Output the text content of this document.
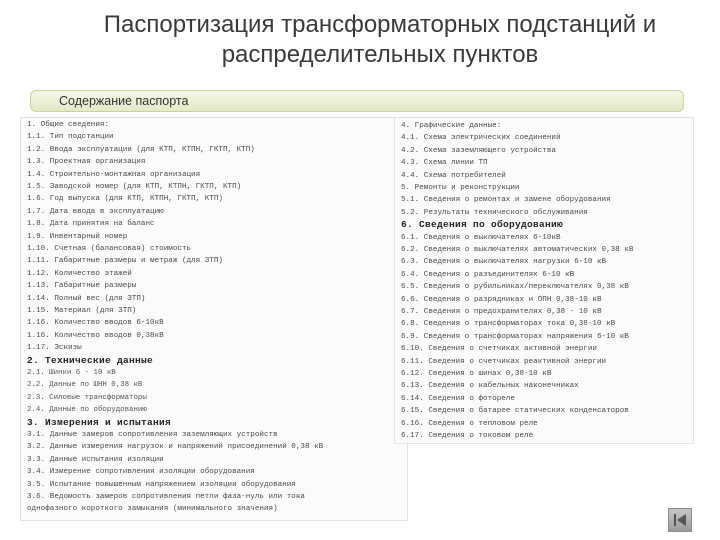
Паспортизация трансформаторных подстанций и
распределительных пунктов
Содержание паспорта
1. Общие сведения:
1.1. Тип подстанции
1.2. Ввода эксплуатации (для КТП, КТПН, ГКТП, КТП)
1.3. Проектная организация
1.4. Строительно-монтажная организация
1.5. Заводской номер (для КТП, КТПН, ГКТП, КТП)
1.6. Год выпуска (для КТП, КТПН, ГКТП, КТП)
1.7. Дата ввода в эксплуатацию
1.8. Дата принятия на баланс
1.9. Инвентарный номер
1.10. Счетная (балансовая) стоимость
1.11. Габаритные размеры и метраж (для ЗТП)
1.12. Количество этажей
1.13. Габаритные размеры
1.14. Полный вес (для ЗТП)
1.15. Материал (для ЗТП)
1.16. Количество вводов 6-10кВ
1.16. Количество вводов 0,38кВ
1.17. Эскизы
2. Технические данные
2.1. Шинки 6 - 10 кВ
2.2. Данные по ШНН 0,38 кВ
2.3. Силовые трансформаторы
2.4. Данные по оборудованию
3. Измерения и испытания
3.1. Данные замеров сопротивления заземляющих устройств
3.2. Данные измерения нагрузок и напряжений присоединений 0,38 кВ
3.3. Данные испытания изоляции
3.4. Измерение сопротивления изоляции оборудования
3.5. Испытание повышенным напряжением изоляции оборудования
3.6. Ведомость замеров сопротивления петли фаза-нуль или тока
однофазного короткого замыкания (минимального значения)
4. Графические данные:
4.1. Схема электрических соединений
4.2. Схема заземляющего устройства
4.3. Схема линии ТП
4.4. Схема потребителей
5. Ремонты и реконструкции
5.1. Сведения о ремонтах и замене оборудования
5.2. Результаты технического обслуживания
6. Сведения по оборудованию
6.1. Сведения о выключателях 6-10кВ
6.2. Сведения о выключателях автоматических 0,38 кВ
6.3. Сведения о выключателях нагрузки 6-10 кВ
6.4. Сведения о разъединителях 6-10 кВ
6.5. Сведения о рубильниках/переключателях 0,38 кВ
6.6. Сведения о разрядниках и ОПН 0,38-10 кВ
6.7. Сведения о предохранителях 0,38 - 10 кВ
6.8. Сведения о трансформаторах тока 0,38-10 кВ
6.9. Сведения о трансформаторах напряжения 6-10 кВ
6.10. Сведения о счетчиках активной энергии
6.11. Сведения о счетчиках реактивной энергии
6.12. Сведения о шинах 0,38-10 кВ
6.13. Сведения о кабельных наконечниках
6.14. Сведения о фотореле
6.15. Сведения о батарее статических конденсаторов
6.16. Сведения о тепловом реле
6.17. Сведения о токовом реле
